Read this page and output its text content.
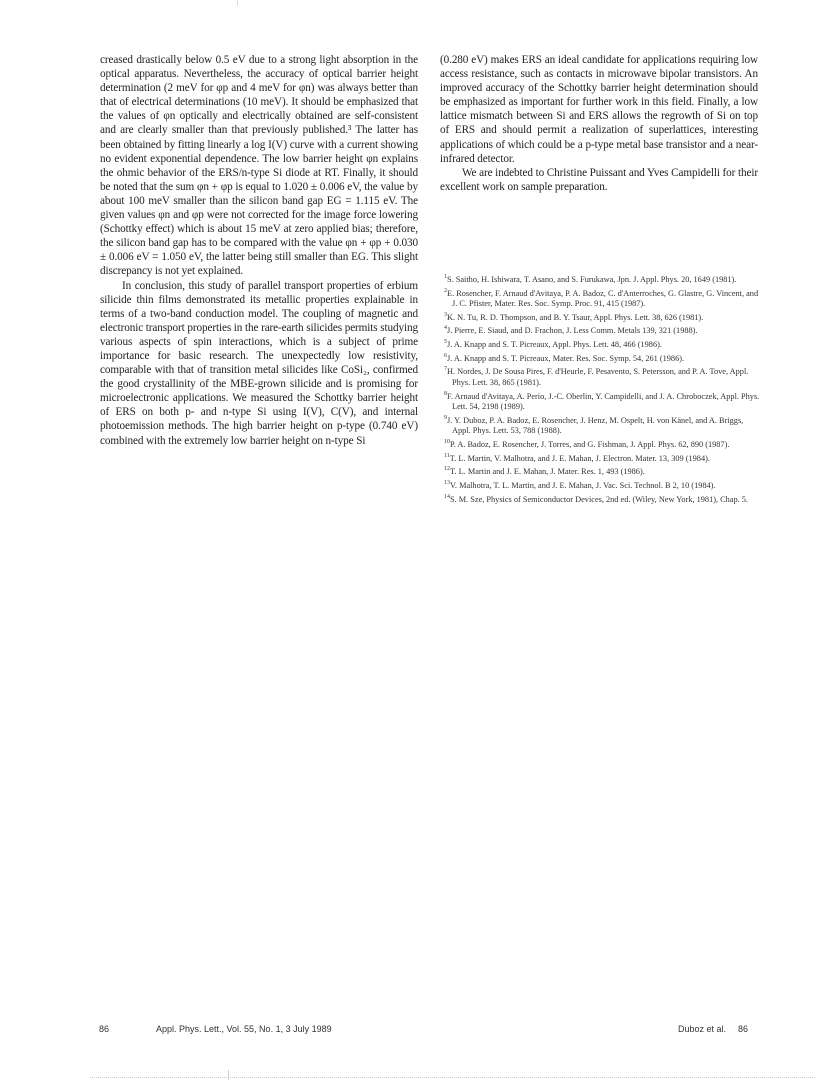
creased drastically below 0.5 eV due to a strong light absorption in the optical apparatus. Nevertheless, the accuracy of optical barrier height determination (2 meV for φp and 4 meV for φn) was always better than that of electrical determinations (10 meV). It should be emphasized that the values of φn optically and electrically obtained are self-consistent and are clearly smaller than that previously published.³ The latter has been obtained by fitting linearly a log I(V) curve with a current showing no evident exponential dependence. The low barrier height φn explains the ohmic behavior of the ERS/n-type Si diode at RT. Finally, it should be noted that the sum φn + φp is equal to 1.020 ± 0.006 eV, the value by about 100 meV smaller than the silicon band gap EG = 1.115 eV. The given values φn and φp were not corrected for the image force lowering (Schottky effect) which is about 15 meV at zero applied bias; therefore, the silicon band gap has to be compared with the value φn + φp + 0.030 ± 0.006 eV = 1.050 eV, the latter being still smaller than EG. This slight discrepancy is not yet explained.

In conclusion, this study of parallel transport properties of erbium silicide thin films demonstrated its metallic properties explainable in terms of a two-band conduction model. The coupling of magnetic and electronic transport properties in the rare-earth silicides permits studying various aspects of spin interactions, which is a subject of prime importance for basic research. The unexpectedly low resistivity, comparable with that of transition metal silicides like CoSi₂, confirmed the good crystallinity of the MBE-grown silicide and is promising for microelectronic applications. We measured the Schottky barrier height of ERS on both p- and n-type Si using I(V), C(V), and internal photoemission methods. The high barrier height on p-type (0.740 eV) combined with the extremely low barrier height on n-type Si

(0.280 eV) makes ERS an ideal candidate for applications requiring low access resistance, such as contacts in microwave bipolar transistors. An improved accuracy of the Schottky barrier height determination should be emphasized as important for further work in this field. Finally, a low lattice mismatch between Si and ERS allows the regrowth of Si on top of ERS and should permit a realization of superlattices, interesting applications of which could be a p-type metal base transistor and a near-infrared detector.

We are indebted to Christine Puissant and Yves Campidelli for their excellent work on sample preparation.

$^1$S. Saitho, H. Ishiwara, T. Asano, and S. Furukawa, Jpn. J. Appl. Phys. 20, 1649 (1981).

$^2$E. Rosencher, F. Arnaud d'Avitaya, P. A. Badoz, C. d'Anterroches, G. Glastre, G. Vincent, and J. C. Pfister, Mater. Res. Soc. Symp. Proc. 91, 415 (1987).

$^3$K. N. Tu, R. D. Thompson, and B. Y. Tsaur, Appl. Phys. Lett. 38, 626 (1981).

$^4$J. Pierre, E. Siaud, and D. Frachon, J. Less Comm. Metals 139, 321 (1988).

$^5$J. A. Knapp and S. T. Picreaux, Appl. Phys. Lett. 48, 466 (1986).

$^6$J. A. Knapp and S. T. Picreaux, Mater. Res. Soc. Symp. 54, 261 (1986).

$^7$H. Nordes, J. De Sousa Pires, F. d'Heurle, F. Pesavento, S. Petersson, and P. A. Tove, Appl. Phys. Lett. 38, 865 (1981).

$^8$F. Arnaud d'Avitaya, A. Perio, J.-C. Oberlin, Y. Campidelli, and J. A. Chroboczek, Appl. Phys. Lett. 54, 2198 (1989).

$^9$J. Y. Duboz, P. A. Badoz, E. Rosencher, J. Henz, M. Ospelt, H. von Känel, and A. Briggs, Appl. Phys. Lett. 53, 788 (1988).

$^{10}$P. A. Badoz, E. Rosencher, J. Torres, and G. Fishman, J. Appl. Phys. 62, 890 (1987).

$^{11}$T. L. Martin, V. Malhotra, and J. E. Mahan, J. Electron. Mater. 13, 309 (1984).

$^{12}$T. L. Martin and J. E. Mahan, J. Mater. Res. 1, 493 (1986).

$^{13}$V. Malhotra, T. L. Martin, and J. E. Mahan, J. Vac. Sci. Technol. B 2, 10 (1984).

$^{14}$S. M. Sze, Physics of Semiconductor Devices, 2nd ed. (Wiley, New York, 1981), Chap. 5.

86	Appl. Phys. Lett., Vol. 55, No. 1, 3 July 1989	Duboz et al. 86
